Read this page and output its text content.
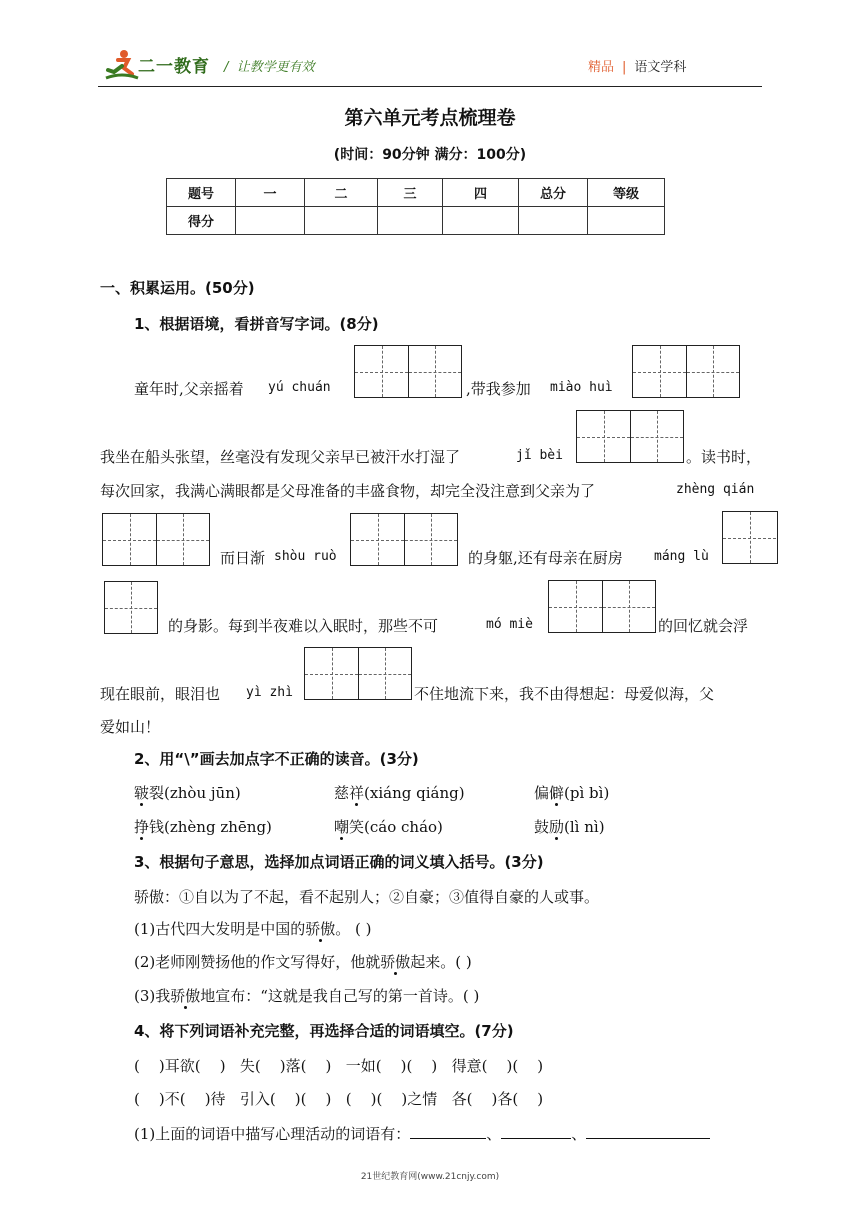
二一教育 /  让教学更有效	精品 | 语文学科
第六单元考点梳理卷
(时间：90分钟 满分：100分)
题号	一	二	三	四	总分	等级
得分						
一、积累运用。(50分)
1、根据语境，看拼音写字词。(8分)
童年时,父亲摇着 yú chuán	,带我参加 miào huì
我坐在船头张望，丝毫没有发现父亲早已被汗水打湿了	jǐ bèi	。读书时，
每次回家，我满心满眼都是父母准备的丰盛食物，却完全没注意到父亲为了	zhèng qián
而日渐 shòu ruò	的身躯,还有母亲在厨房 máng lù
的身影。每到半夜难以入眠时，那些不可	mó miè	的回忆就会浮
现在眼前，眼泪也 yì zhì	不住地流下来，我不由得想起：母爱似海，父
爱如山！
2、用“\”画去加点字不正确的读音。(3分)
皲裂(zhòu jūn)	慈祥(xiáng qiáng)	偏僻(pì bì)
挣钱(zhèng zhēng)	嘲笑(cáo cháo)	鼓励(lì nì)
3、根据句子意思，选择加点词语正确的词义填入括号。(3分)
骄傲：①自以为了不起，看不起别人；②自豪；③值得自豪的人或事。
(1)古代四大发明是中国的骄傲。 ( )
(2)老师刚赞扬他的作文写得好，他就骄傲起来。( )
(3)我骄傲地宣布：“这就是我自己写的第一首诗。( )
4、将下列词语补充完整，再选择合适的词语填空。(7分)
(    )耳欲(    )   失(    )落(    )   一如(    )(    )   得意(    )(    )
(    )不(    )待   引入(    )(    )   (    )(    )之情   各(    )各(    )
(1)上面的词语中描写心理活动的词语有：	、	、
21世纪教育网(www.21cnjy.com)
